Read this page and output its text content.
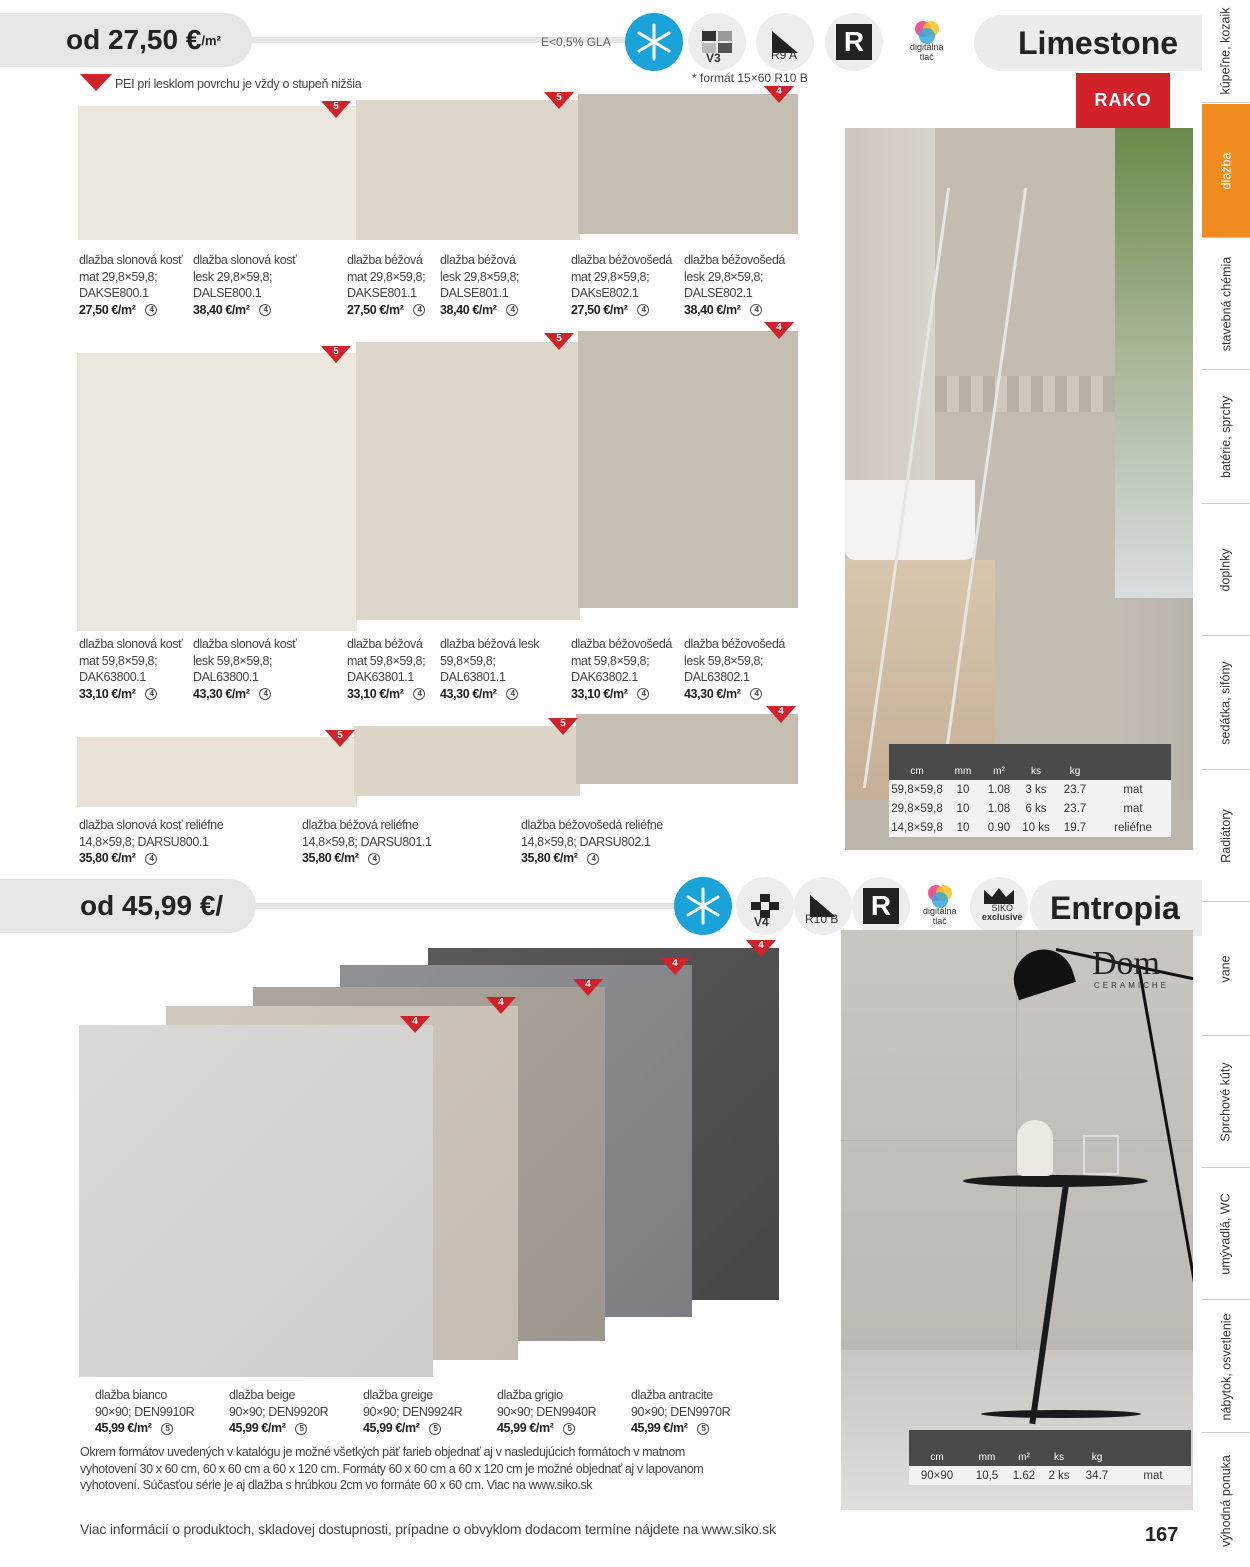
od 27,50 € /m²	E<0,5% GLA
V3	R9 A R	digitálna
tlač
* formát 15×60 R10 B
Limestone
RAKO
PEI pri lesklom povrchu je vždy o stupeň nižšia
5
5
4
dlažba slonová kosť
mat 29,8×59,8;
DAKSE800.1
27,50 €/m² 4
dlažba slonová kosť
lesk 29,8×59,8;
DALSE800.1
38,40 €/m² 4
dlažba béžová
mat 29,8×59,8;
DAKSE801.1
27,50 €/m² 4
dlažba béžová
lesk 29,8×59,8;
DALSE801.1
38,40 €/m² 4
dlažba béžovošedá
mat 29,8×59,8;
DAKsE802.1
27,50 €/m² 4
dlažba béžovošedá
lesk 29,8×59,8;
DALSE802.1
38,40 €/m² 4
5
5
4
dlažba slonová kosť
mat 59,8×59,8;
DAK63800.1
33,10 €/m² 4
dlažba slonová kosť
lesk 59,8×59,8;
DAL63800.1
43,30 €/m² 4
dlažba béžová
mat 59,8×59,8;
DAK63801.1
33,10 €/m² 4
dlažba béžová lesk
59,8×59,8;
DAL63801.1
43,30 €/m² 4
dlažba béžovošedá
mat 59,8×59,8;
DAK63802.1
33,10 €/m² 4
dlažba béžovošedá
lesk 59,8×59,8;
DAL63802.1
43,30 €/m² 4
5
5
4
dlažba slonová kosť reliéfne
14,8×59,8; DARSU800.1
35,80 €/m² 4
dlažba béžová reliéfne
14,8×59,8; DARSU801.1
35,80 €/m² 4
dlažba béžovošedá reliéfne
14,8×59,8; DARSU802.1
35,80 €/m² 4
cm	mm	m²	ks	kg
59,8×59,8	10	1.08	3 ks	23.7	mat
29,8×59,8	10	1.08	6 ks	23.7	mat
14,8×59,8	10	0.90	10 ks	19.7	reliéfne
od 45,99 €/
V4	R10 B R	digitálna
tlač
SIKO
exclusive Entropia
Dom
CERAMICHE
4
4
4
4
4
dlažba bianco
90×90; DEN9910R
45,99 €/m² 5
dlažba beige
90×90; DEN9920R
45,99 €/m² 5
dlažba greige
90×90; DEN9924R
45,99 €/m² 5
dlažba grigio
90×90; DEN9940R
45,99 €/m² 5
dlažba antracite
90×90; DEN9970R
45,99 €/m² 5
Okrem formátov uvedených v katalógu je možné všetkých päť farieb objednať aj v nasledujúcich formátoch v matnom
vyhotovení 30 x 60 cm, 60 x 60 cm a 60 x 120 cm. Formáty 60 x 60 cm a 60 x 120 cm je možné objednať aj v lapovanom
vyhotovení. Súčasťou série je aj dlažba s hrúbkou 2cm vo formáte 60 x 60 cm. Viac na www.siko.sk
cm	mm	m²	ks	kg
90×90	10,5	1.62	2 ks	34.7	mat
Viac informácií o produktoch, skladovej dostupnosti, prípadne o obvyklom dodacom termíne nájdete na www.siko.sk	167
kúpeľne, kozaik
dlažba
stavebná chémia
batérie, sprchy
doplnky
sedátka, sifóny
Radiátory
vane
Sprchové kúty
umývadlá, WC
nábytok, osvetlenie
výhodná ponuka
